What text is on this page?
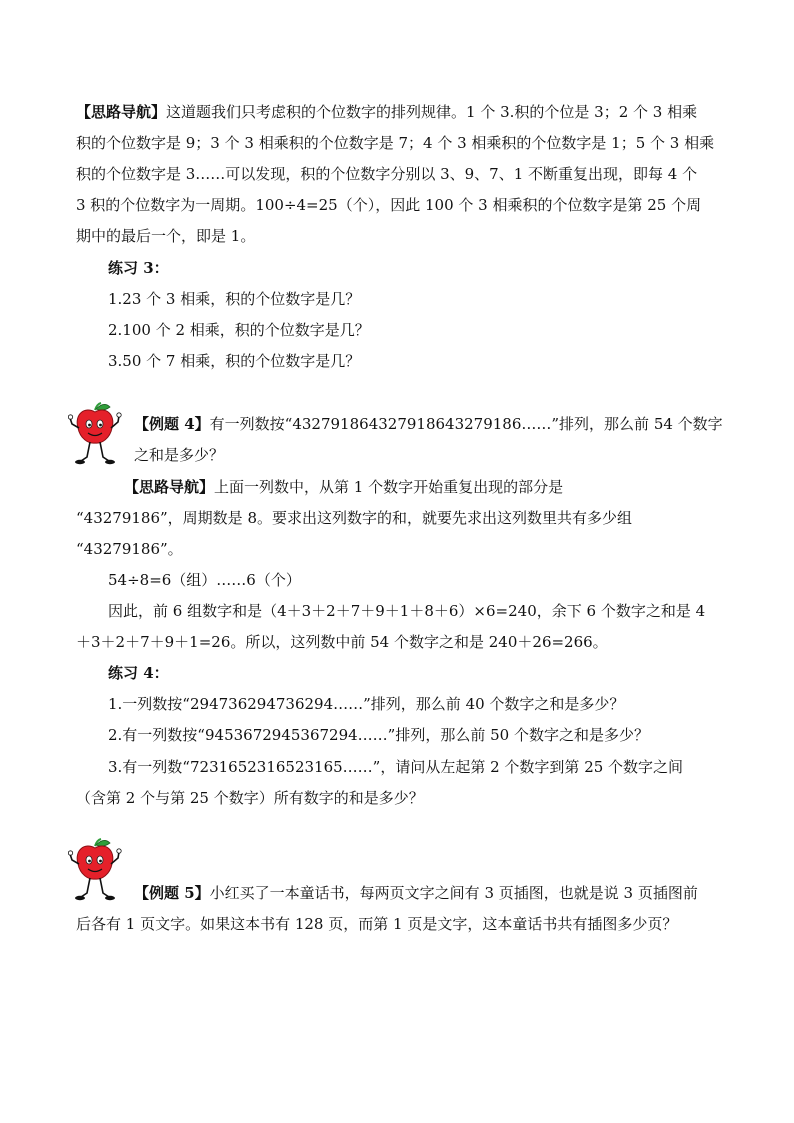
【思路导航】这道题我们只考虑积的个位数字的排列规律。1 个 3.积的个位是 3；2 个 3 相乘
积的个位数字是 9；3 个 3 相乘积的个位数字是 7；4 个 3 相乘积的个位数字是 1；5 个 3 相乘
积的个位数字是 3……可以发现，积的个位数字分别以 3、9、7、1 不断重复出现，即每 4 个
3 积的个位数字为一周期。100÷4=25（个），因此 100 个 3 相乘积的个位数字是第 25 个周
期中的最后一个，即是 1。
练习 3：
1.23 个 3 相乘，积的个位数字是几？
2.100 个 2 相乘，积的个位数字是几？
3.50 个 7 相乘，积的个位数字是几？
【例题 4】有一列数按“432791864327918643279186……”排列，那么前 54 个数字
之和是多少？
【思路导航】上面一列数中，从第 1 个数字开始重复出现的部分是
“43279186”，周期数是 8。要求出这列数字的和，就要先求出这列数里共有多少组
“43279186”。
54÷8=6（组）……6（个）
因此，前 6 组数字和是（4＋3＋2＋7＋9＋1＋8＋6）×6=240，余下 6 个数字之和是 4
＋3＋2＋7＋9＋1=26。所以，这列数中前 54 个数字之和是 240＋26=266。
练习 4：
1.一列数按“294736294736294……”排列，那么前 40 个数字之和是多少？
2.有一列数按“9453672945367294……”排列，那么前 50 个数字之和是多少？
3.有一列数“7231652316523165……”，请问从左起第 2 个数字到第 25 个数字之间
（含第 2 个与第 25 个数字）所有数字的和是多少？
【例题 5】小红买了一本童话书，每两页文字之间有 3 页插图，也就是说 3 页插图前
后各有 1 页文字。如果这本书有 128 页，而第 1 页是文字，这本童话书共有插图多少页？
